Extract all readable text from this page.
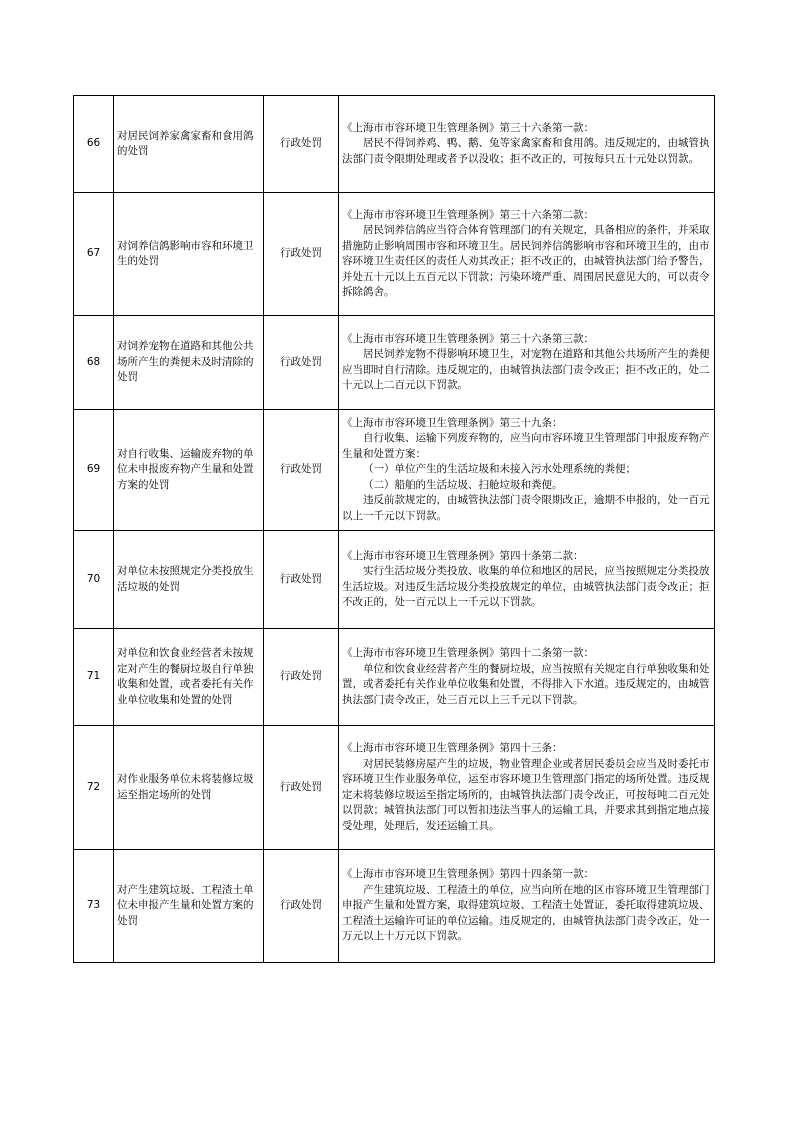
66	对居民饲养家禽家畜和食用鸽的处罚	行政处罚	《上海市市容环境卫生管理条例》第三十六条第一款：

居民不得饲养鸡、鸭、鹅、兔等家禽家畜和食用鸽。违反规定的，由城管执法部门责令限期处理或者予以没收；拒不改正的，可按每只五十元处以罚款。

67	对饲养信鸽影响市容和环境卫生的处罚	行政处罚	《上海市市容环境卫生管理条例》第三十六条第二款：

居民饲养信鸽应当符合体育管理部门的有关规定，具备相应的条件，并采取措施防止影响周围市容和环境卫生。居民饲养信鸽影响市容和环境卫生的，由市容环境卫生责任区的责任人劝其改正；拒不改正的，由城管执法部门给予警告，并处五十元以上五百元以下罚款；污染环境严重、周围居民意见大的，可以责令拆除鸽舍。

68	对饲养宠物在道路和其他公共场所产生的粪便未及时清除的处罚	行政处罚	《上海市市容环境卫生管理条例》第三十六条第三款：

居民饲养宠物不得影响环境卫生，对宠物在道路和其他公共场所产生的粪便应当即时自行清除。违反规定的，由城管执法部门责令改正；拒不改正的，处二十元以上二百元以下罚款。

69	对自行收集、运输废弃物的单位未申报废弃物产生量和处置方案的处罚	行政处罚	《上海市市容环境卫生管理条例》第三十九条：

自行收集、运输下列废弃物的，应当向市容环境卫生管理部门申报废弃物产生量和处置方案：

（一）单位产生的生活垃圾和未接入污水处理系统的粪便；

（二）船舶的生活垃圾、扫舱垃圾和粪便。

违反前款规定的，由城管执法部门责令限期改正，逾期不申报的，处一百元以上一千元以下罚款。

70	对单位未按照规定分类投放生活垃圾的处罚	行政处罚	《上海市市容环境卫生管理条例》第四十条第二款：

实行生活垃圾分类投放、收集的单位和地区的居民，应当按照规定分类投放生活垃圾。对违反生活垃圾分类投放规定的单位，由城管执法部门责令改正；拒不改正的，处一百元以上一千元以下罚款。

71	对单位和饮食业经营者未按规定对产生的餐厨垃圾自行单独收集和处置，或者委托有关作业单位收集和处置的处罚	行政处罚	《上海市市容环境卫生管理条例》第四十二条第一款：

单位和饮食业经营者产生的餐厨垃圾，应当按照有关规定自行单独收集和处置，或者委托有关作业单位收集和处置，不得排入下水道。违反规定的，由城管执法部门责令改正，处三百元以上三千元以下罚款。

72	对作业服务单位未将装修垃圾运至指定场所的处罚	行政处罚	《上海市市容环境卫生管理条例》第四十三条：

对居民装修房屋产生的垃圾，物业管理企业或者居民委员会应当及时委托市容环境卫生作业服务单位，运至市容环境卫生管理部门指定的场所处置。违反规定未将装修垃圾运至指定场所的，由城管执法部门责令改正，可按每吨二百元处以罚款；城管执法部门可以暂扣违法当事人的运输工具，并要求其到指定地点接受处理，处理后，发还运输工具。

73	对产生建筑垃圾、工程渣土单位未申报产生量和处置方案的处罚	行政处罚	《上海市市容环境卫生管理条例》第四十四条第一款：

产生建筑垃圾、工程渣土的单位，应当向所在地的区市容环境卫生管理部门申报产生量和处置方案，取得建筑垃圾、工程渣土处置证，委托取得建筑垃圾、工程渣土运输许可证的单位运输。违反规定的，由城管执法部门责令改正，处一万元以上十万元以下罚款。
